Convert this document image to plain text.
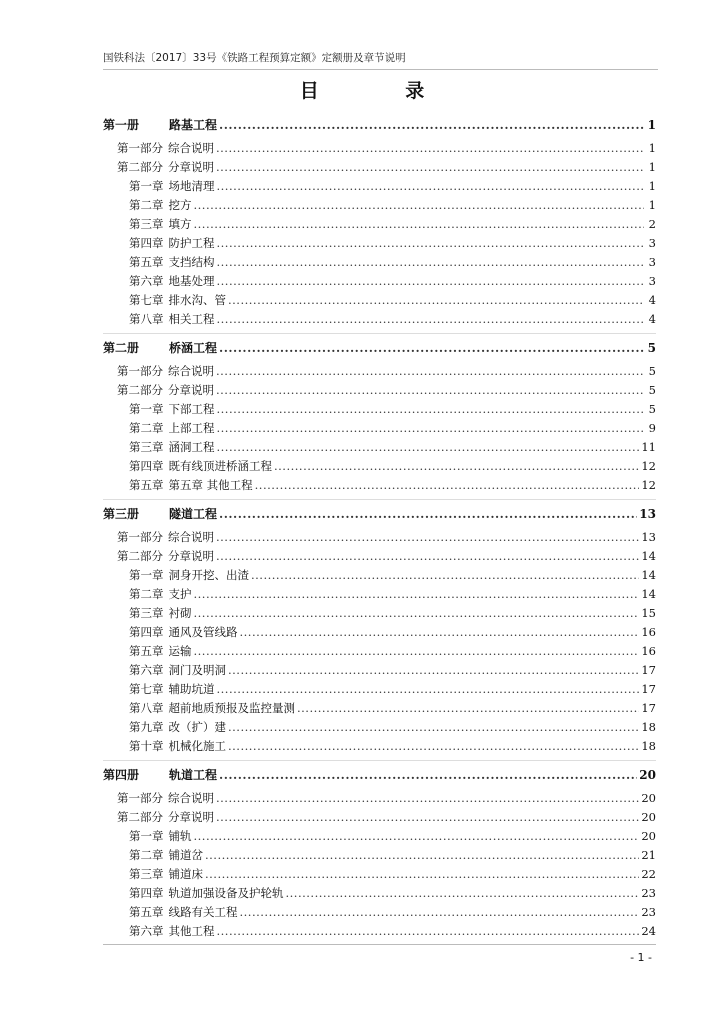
国铁科法〔2017〕33号《铁路工程预算定额》定额册及章节说明
目 录
第一册	路基工程 .....	1
第一部分 综合说明 .....	1
第二部分 分章说明 .....	1
第一章 场地清理 .....	1
第二章 挖方 .....	1
第三章 填方 .....	2
第四章 防护工程 .....	3
第五章 支挡结构 .....	3
第六章 地基处理 .....	3
第七章 排水沟、管 .....	4
第八章 相关工程 .....	4
第二册	桥涵工程 .....	5
第一部分 综合说明 .....	5
第二部分 分章说明 .....	5
第一章 下部工程 .....	5
第二章 上部工程 .....	9
第三章 涵洞工程 .....	11
第四章 既有线顶进桥涵工程 .....	12
第五章 第五章 其他工程 .....	12
第三册	隧道工程 .....	13
第一部分 综合说明 .....	13
第二部分 分章说明 .....	14
第一章 洞身开挖、出渣 .....	14
第二章 支护 .....	14
第三章 衬砌 .....	15
第四章 通风及管线路 .....	16
第五章 运输 .....	16
第六章 洞门及明洞 .....	17
第七章 辅助坑道 .....	17
第八章 超前地质预报及监控量测 .....	17
第九章 改（扩）建 .....	18
第十章 机械化施工 .....	18
第四册	轨道工程 .....	20
第一部分 综合说明 .....	20
第二部分 分章说明 .....	20
第一章 铺轨 .....	20
第二章 铺道岔 .....	21
第三章 铺道床 .....	22
第四章 轨道加强设备及护轮轨 .....	23
第五章 线路有关工程 .....	23
第六章 其他工程 .....	24
- 1 -
